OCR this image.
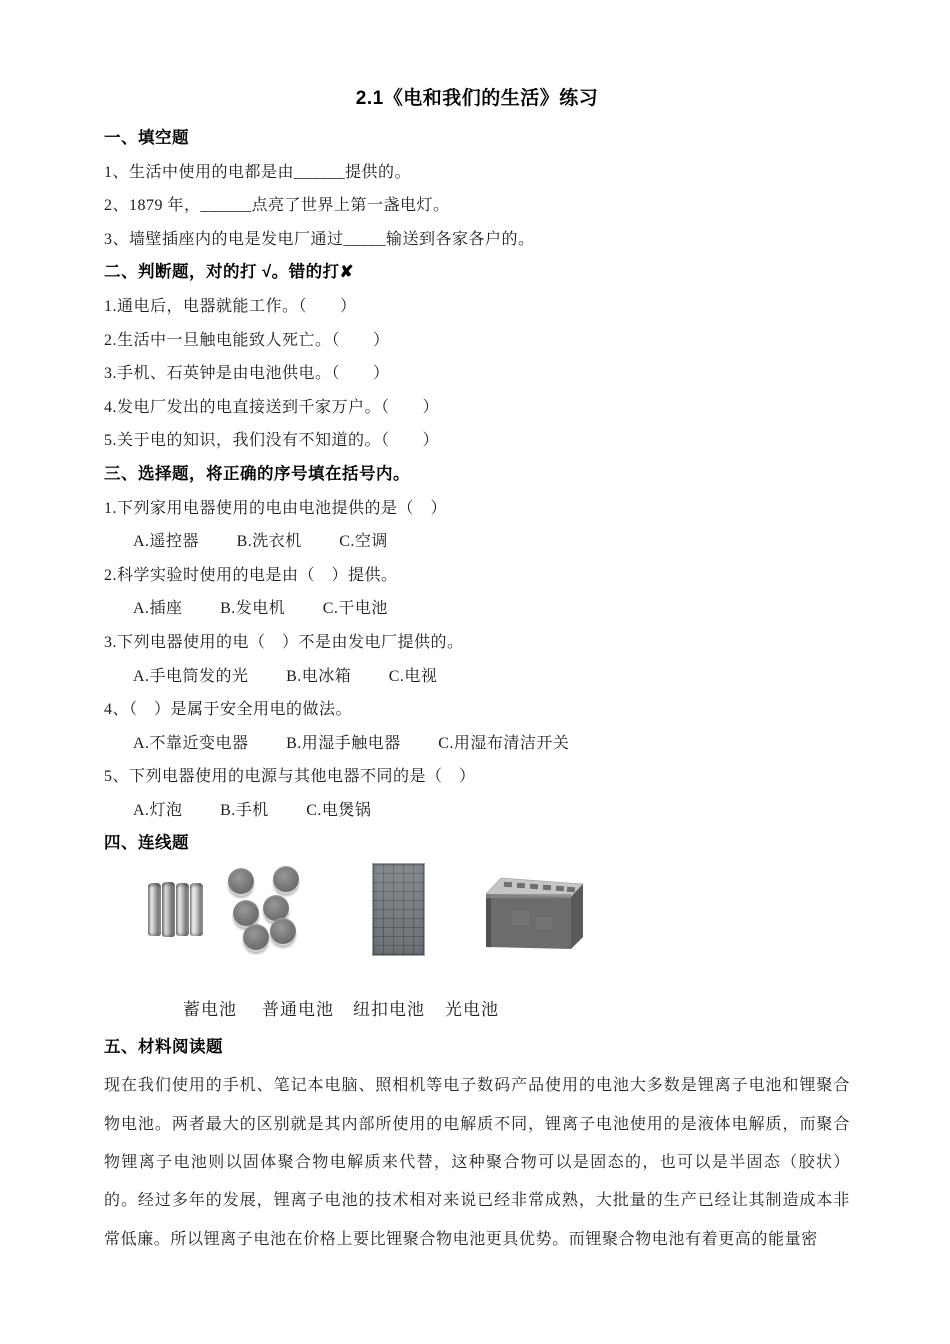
2.1《电和我们的生活》练习
一、填空题
1、生活中使用的电都是由______提供的。
2、1879 年，______点亮了世界上第一盏电灯。
3、墙壁插座内的电是发电厂通过_____输送到各家各户的。
二、判断题，对的打 √。错的打✘
1.通电后，电器就能工作。（　　）
2.生活中一旦触电能致人死亡。（　　）
3.手机、石英钟是由电池供电。（　　）
4.发电厂发出的电直接送到千家万户。（　　）
5.关于电的知识，我们没有不知道的。（　　）
三、选择题，将正确的序号填在括号内。
1.下列家用电器使用的电由电池提供的是（　）
A.遥控器 B.洗衣机 C.空调
2.科学实验时使用的电是由（　）提供。
A.插座 B.发电机 C.干电池
3.下列电器使用的电（　）不是由发电厂提供的。
A.手电筒发的光 B.电冰箱 C.电视
4、（　）是属于安全用电的做法。
A.不靠近变电器 B.用湿手触电器 C.用湿布清洁开关
5、下列电器使用的电源与其他电器不同的是（　）
A.灯泡 B.手机 C.电煲锅
四、连线题
蓄电池 普通电池 纽扣电池 光电池
五、材料阅读题
现在我们使用的手机、笔记本电脑、照相机等电子数码产品使用的电池大多数是锂离子电池和锂聚合物电池。两者最大的区别就是其内部所使用的电解质不同，锂离子电池使用的是液体电解质，而聚合物锂离子电池则以固体聚合物电解质来代替，这种聚合物可以是固态的，也可以是半固态（胶状）的。经过多年的发展，锂离子电池的技术相对来说已经非常成熟，大批量的生产已经让其制造成本非常低廉。所以锂离子电池在价格上要比锂聚合物电池更具优势。而锂聚合物电池有着更高的能量密
